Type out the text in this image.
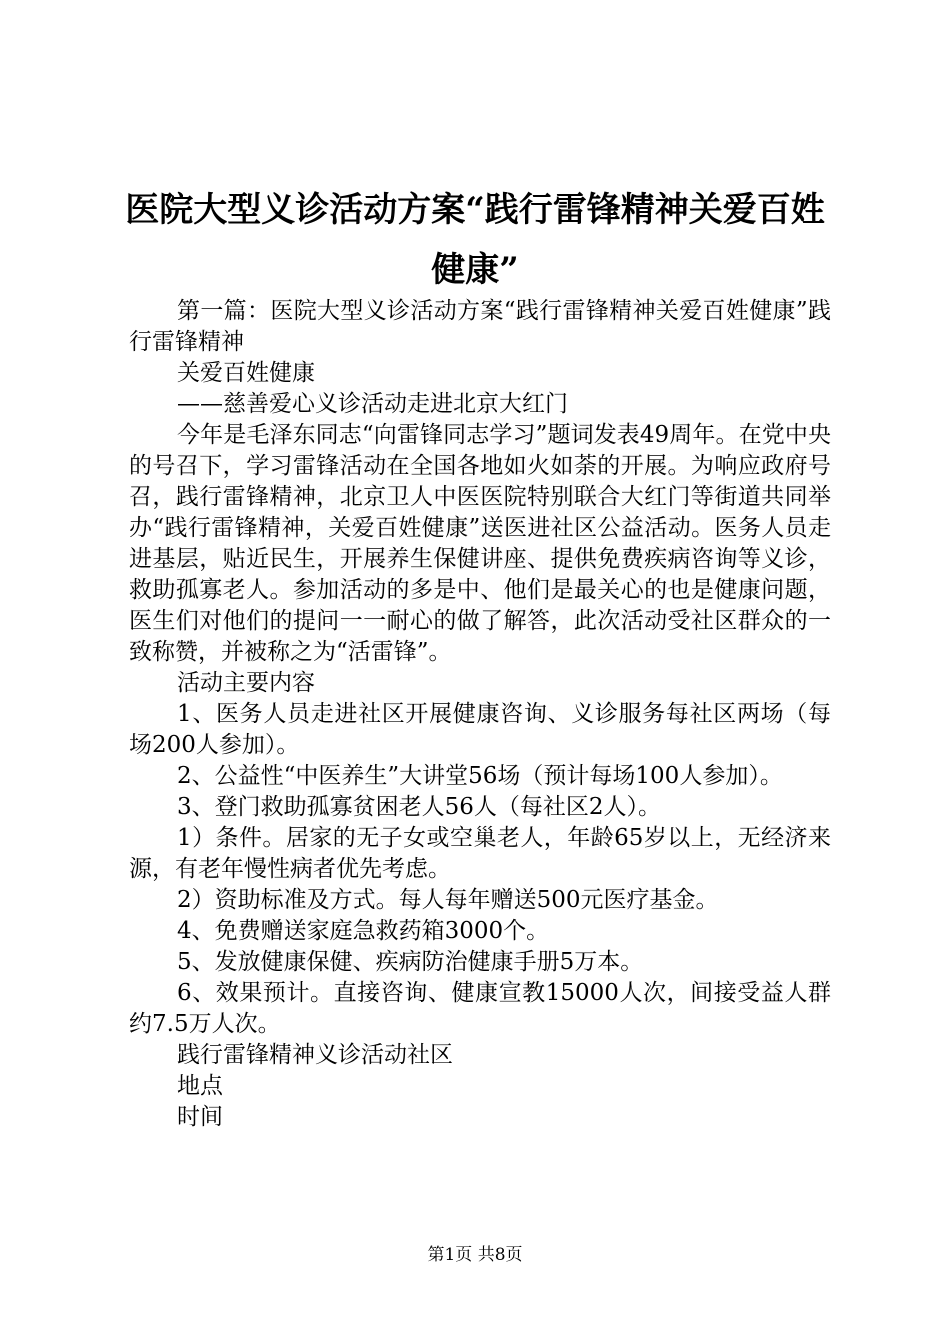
医院大型义诊活动方案“践行雷锋精神关爱百姓健康”

第一篇：医院大型义诊活动方案“践行雷锋精神关爱百姓健康”践行雷锋精神

关爱百姓健康

——慈善爱心义诊活动走进北京大红门

今年是毛泽东同志“向雷锋同志学习”题词发表49周年。在党中央的号召下，学习雷锋活动在全国各地如火如荼的开展。为响应政府号召，践行雷锋精神，北京卫人中医医院特别联合大红门等街道共同举办“践行雷锋精神，关爱百姓健康”送医进社区公益活动。医务人员走进基层，贴近民生，开展养生保健讲座、提供免费疾病咨询等义诊，救助孤寡老人。参加活动的多是中、他们是最关心的也是健康问题，医生们对他们的提问一一耐心的做了解答，此次活动受社区群众的一致称赞，并被称之为“活雷锋”。

活动主要内容

1、医务人员走进社区开展健康咨询、义诊服务每社区两场（每场200人参加）。

2、公益性“中医养生”大讲堂56场（预计每场100人参加）。

3、登门救助孤寡贫困老人56人（每社区2人）。

1）条件。居家的无子女或空巢老人，年龄65岁以上，无经济来源，有老年慢性病者优先考虑。

2）资助标准及方式。每人每年赠送500元医疗基金。

4、免费赠送家庭急救药箱3000个。

5、发放健康保健、疾病防治健康手册5万本。

6、效果预计。直接咨询、健康宣教15000人次，间接受益人群约7.5万人次。

践行雷锋精神义诊活动社区

地点

时间

第1页 共8页
